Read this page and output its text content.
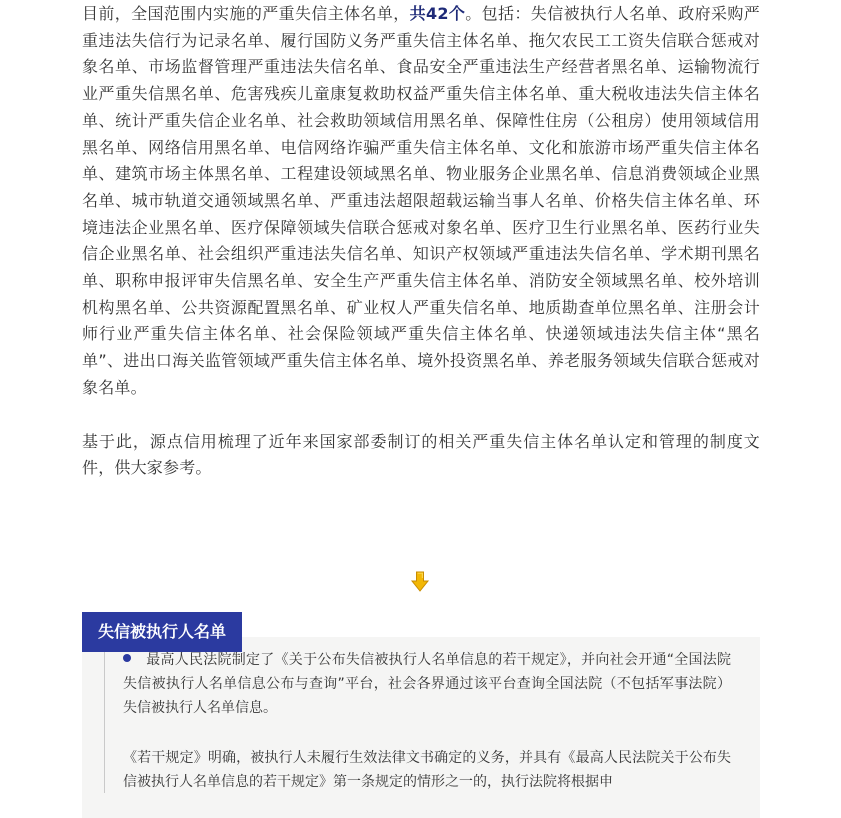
目前，全国范围内实施的严重失信主体名单，共42个。包括：失信被执行人名单、政府采购严重违法失信行为记录名单、履行国防义务严重失信主体名单、拖欠农民工工资失信联合惩戒对象名单、市场监督管理严重违法失信名单、食品安全严重违法生产经营者黑名单、运输物流行业严重失信黑名单、危害残疾儿童康复救助权益严重失信主体名单、重大税收违法失信主体名单、统计严重失信企业名单、社会救助领域信用黑名单、保障性住房（公租房）使用领域信用黑名单、网络信用黑名单、电信网络诈骗严重失信主体名单、文化和旅游市场严重失信主体名单、建筑市场主体黑名单、工程建设领域黑名单、物业服务企业黑名单、信息消费领域企业黑名单、城市轨道交通领域黑名单、严重违法超限超载运输当事人名单、价格失信主体名单、环境违法企业黑名单、医疗保障领域失信联合惩戒对象名单、医疗卫生行业黑名单、医药行业失信企业黑名单、社会组织严重违法失信名单、知识产权领域严重违法失信名单、学术期刊黑名单、职称申报评审失信黑名单、安全生产严重失信主体名单、消防安全领域黑名单、校外培训机构黑名单、公共资源配置黑名单、矿业权人严重失信名单、地质勘查单位黑名单、注册会计师行业严重失信主体名单、社会保险领域严重失信主体名单、快递领域违法失信主体“黑名单”、进出口海关监管领域严重失信主体名单、境外投资黑名单、养老服务领域失信联合惩戒对象名单。

基于此，源点信用梳理了近年来国家部委制订的相关严重失信主体名单认定和管理的制度文件，供大家参考。

失信被执行人名单

最高人民法院制定了《关于公布失信被执行人名单信息的若干规定》，并向社会开通“全国法院失信被执行人名单信息公布与查询”平台，社会各界通过该平台查询全国法院（不包括军事法院）失信被执行人名单信息。

《若干规定》明确，被执行人未履行生效法律文书确定的义务，并具有《最高人民法院关于公布失信被执行人名单信息的若干规定》第一条规定的情形之一的，执行法院将根据申
